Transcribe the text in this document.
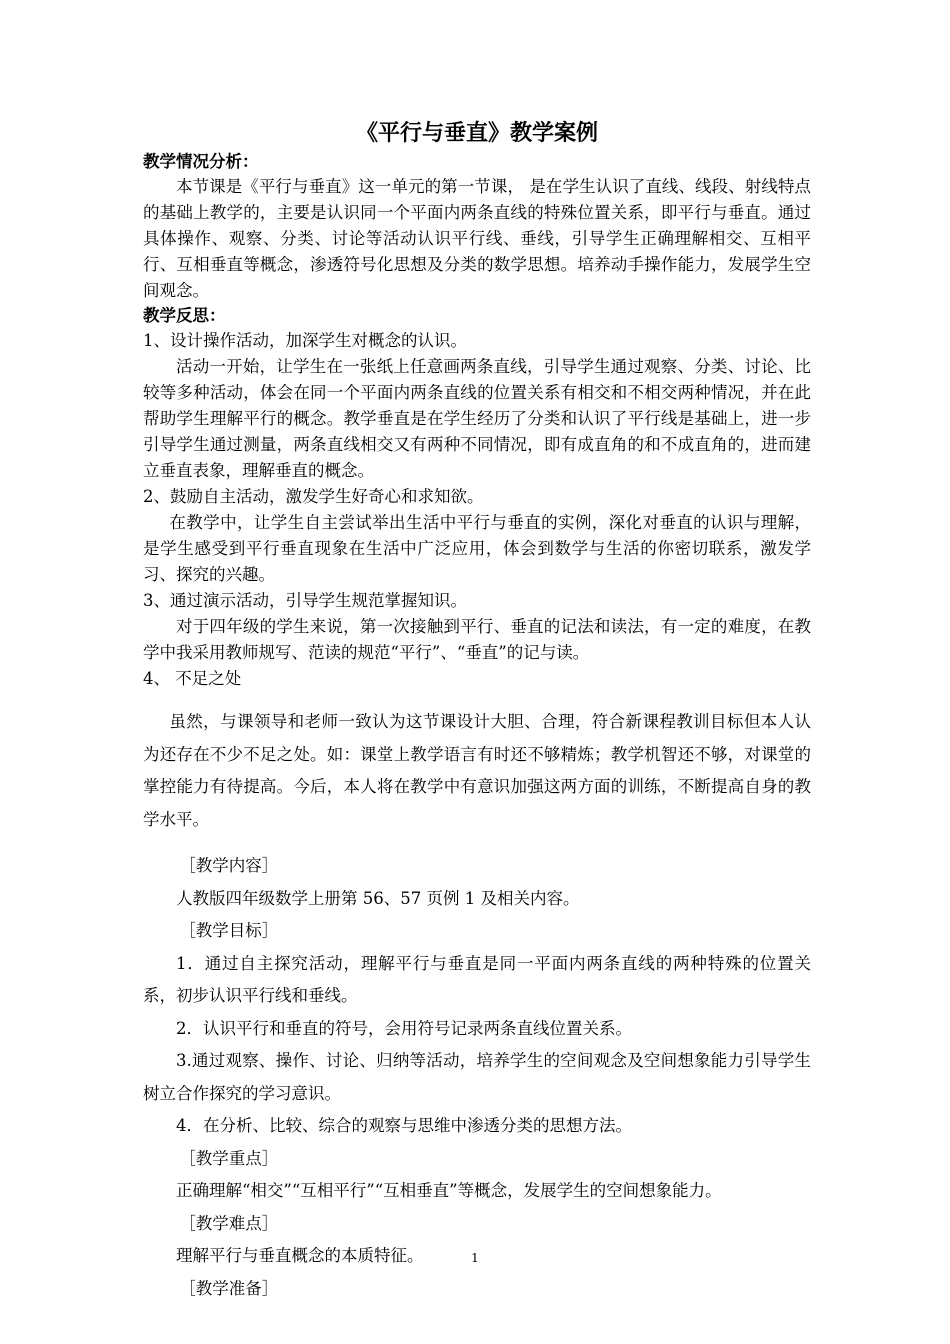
《平行与垂直》教学案例

教学情况分析：

本节课是《平行与垂直》这一单元的第一节课， 是在学生认识了直线、线段、射线特点的基础上教学的，主要是认识同一个平面内两条直线的特殊位置关系，即平行与垂直。通过具体操作、观察、分类、讨论等活动认识平行线、垂线，引导学生正确理解相交、互相平行、互相垂直等概念，渗透符号化思想及分类的数学思想。培养动手操作能力，发展学生空间观念。

教学反思：

1、设计操作活动，加深学生对概念的认识。

活动一开始，让学生在一张纸上任意画两条直线，引导学生通过观察、分类、讨论、比较等多种活动，体会在同一个平面内两条直线的位置关系有相交和不相交两种情况，并在此帮助学生理解平行的概念。教学垂直是在学生经历了分类和认识了平行线是基础上，进一步引导学生通过测量，两条直线相交又有两种不同情况，即有成直角的和不成直角的，进而建立垂直表象，理解垂直的概念。

2、鼓励自主活动，激发学生好奇心和求知欲。

在教学中，让学生自主尝试举出生活中平行与垂直的实例，深化对垂直的认识与理解，是学生感受到平行垂直现象在生活中广泛应用，体会到数学与生活的你密切联系，激发学习、探究的兴趣。

3、通过演示活动，引导学生规范掌握知识。

对于四年级的学生来说，第一次接触到平行、垂直的记法和读法，有一定的难度，在教学中我采用教师规写、范读的规范“平行”、“垂直”的记与读。

4、 不足之处

虽然，与课领导和老师一致认为这节课设计大胆、合理，符合新课程教训目标但本人认为还存在不少不足之处。如：课堂上教学语言有时还不够精炼；教学机智还不够，对课堂的掌控能力有待提高。今后，本人将在教学中有意识加强这两方面的训练，不断提高自身的教学水平。

［教学内容］

人教版四年级数学上册第 56、57 页例 1 及相关内容。

［教学目标］

1．通过自主探究活动，理解平行与垂直是同一平面内两条直线的两种特殊的位置关系，初步认识平行线和垂线。

2．认识平行和垂直的符号，会用符号记录两条直线位置关系。

3.通过观察、操作、讨论、归纳等活动，培养学生的空间观念及空间想象能力引导学生树立合作探究的学习意识。

4．在分析、比较、综合的观察与思维中渗透分类的思想方法。

［教学重点］

正确理解“相交”“互相平行”“互相垂直”等概念，发展学生的空间想象能力。

［教学难点］

理解平行与垂直概念的本质特征。

［教学准备］

1
